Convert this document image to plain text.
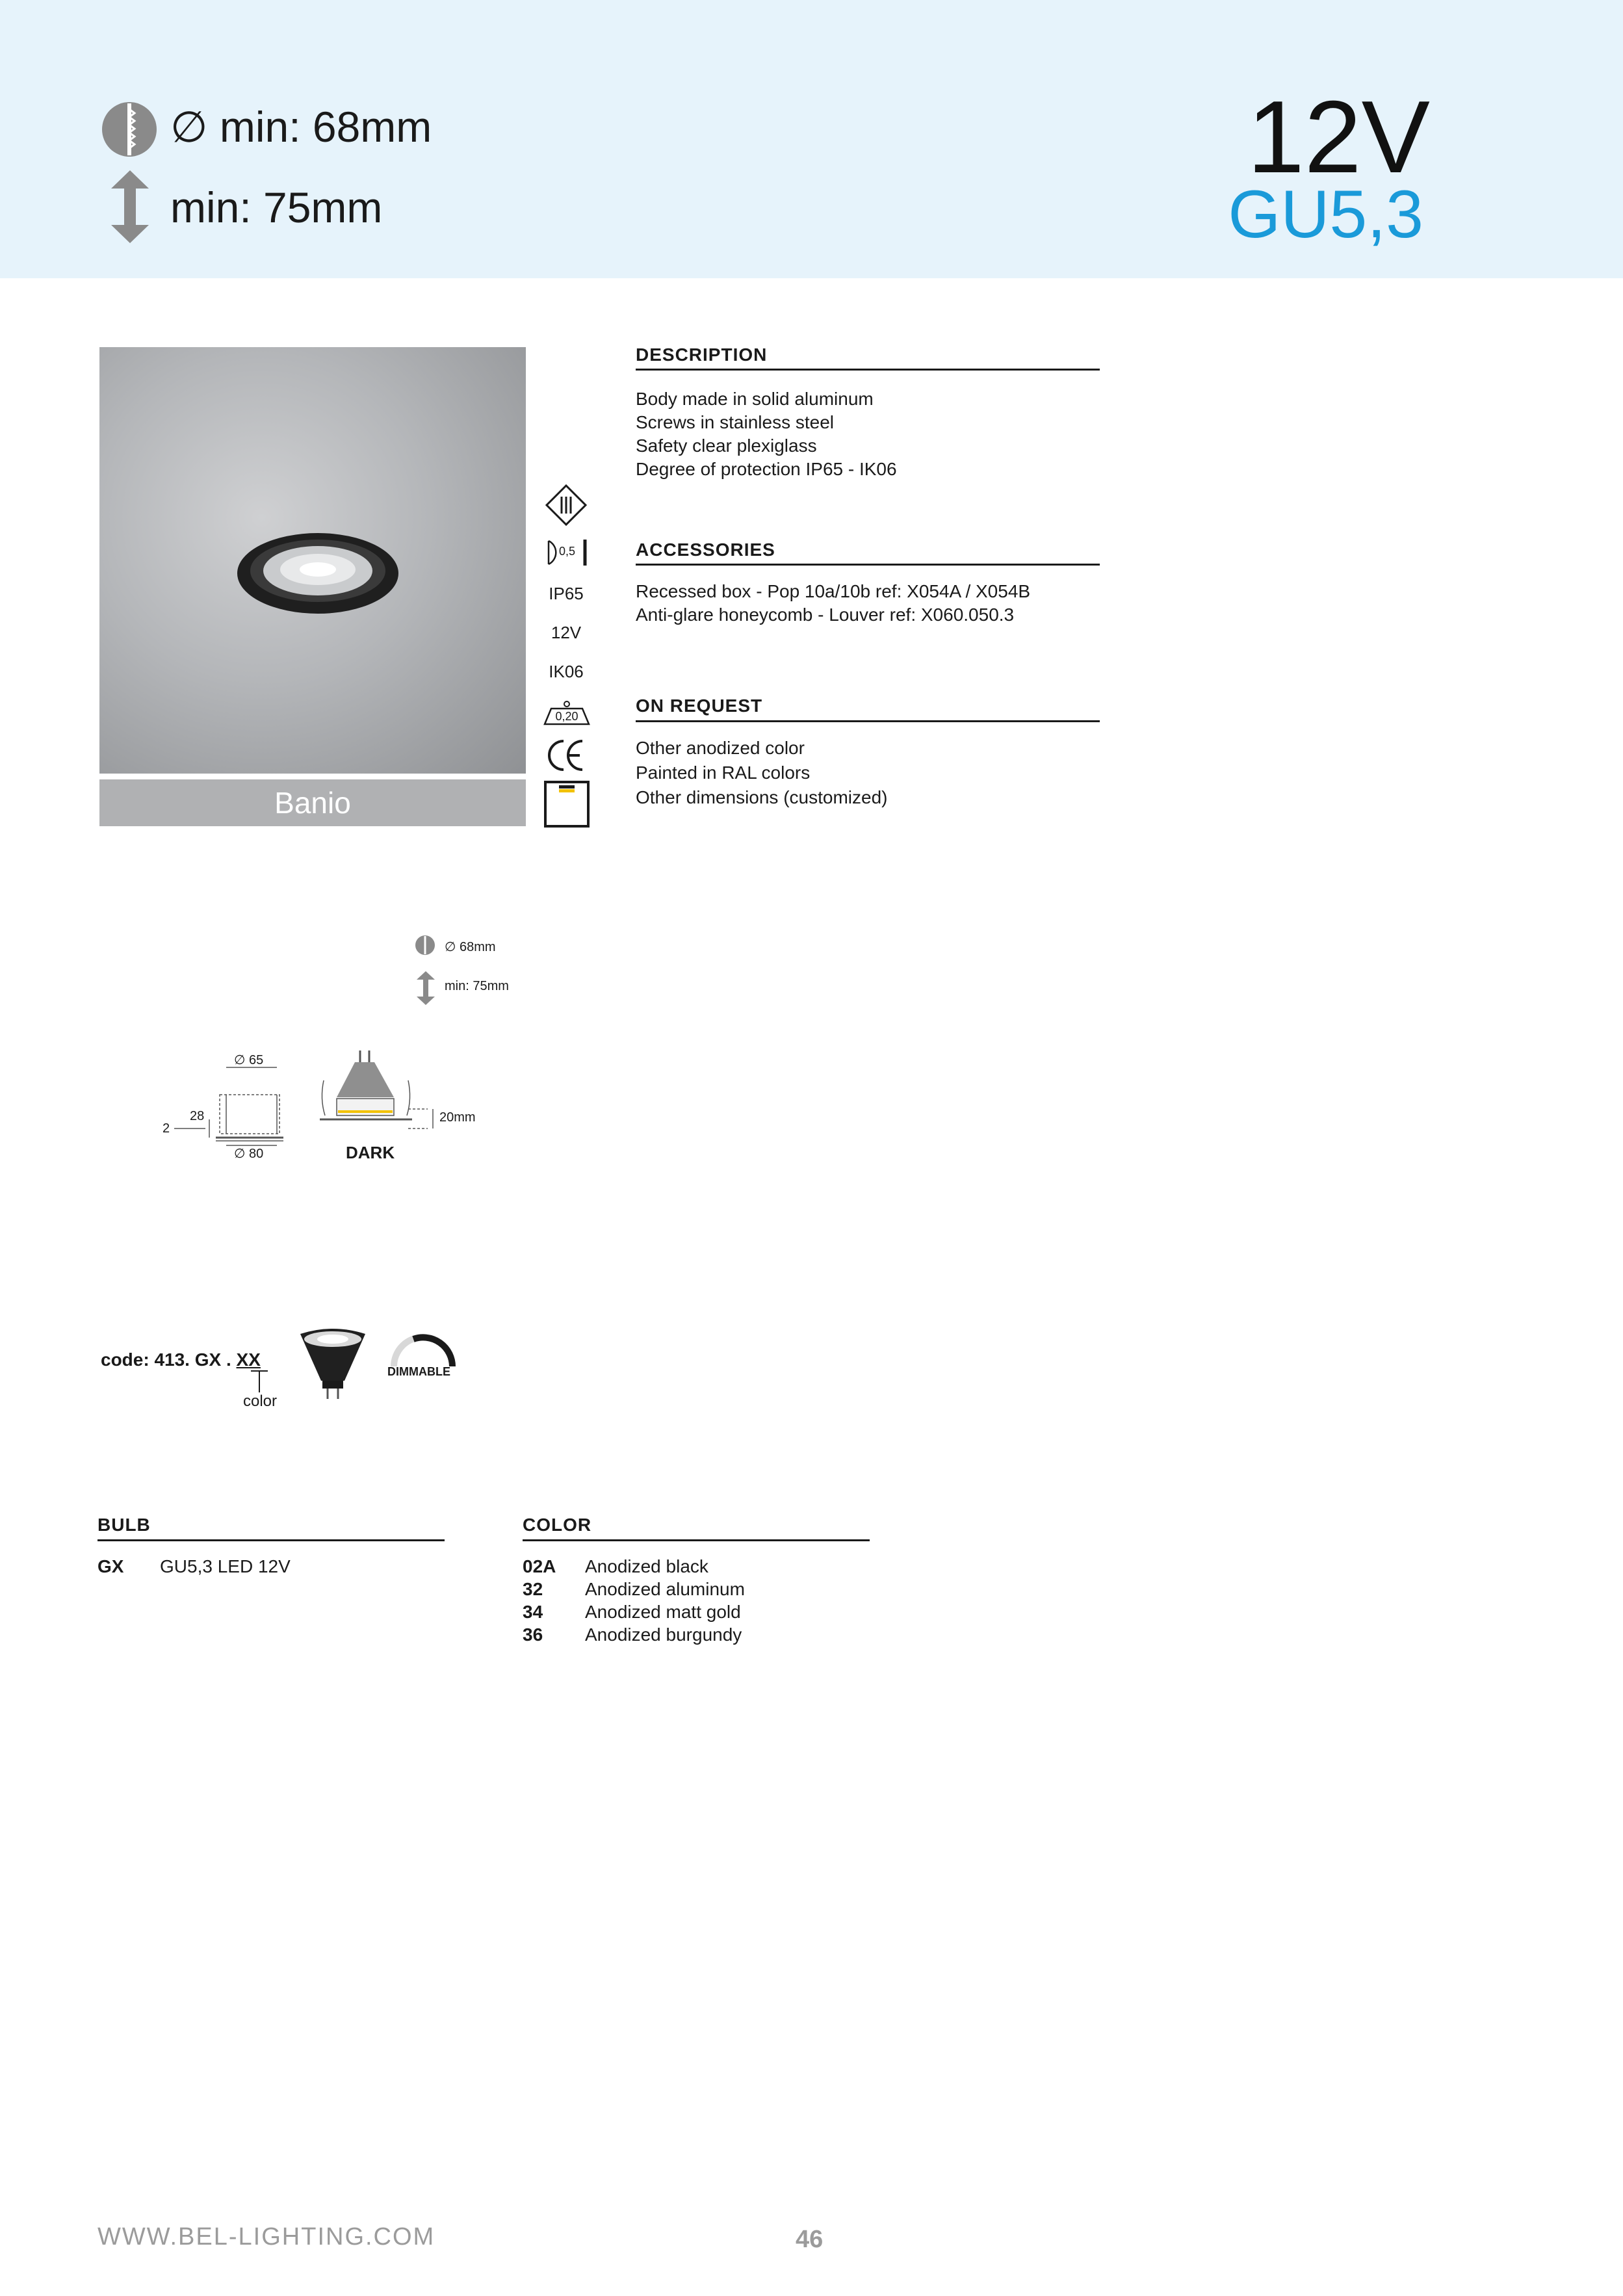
∅ min: 68mm
min: 75mm
12V
GU5,3
Banio
0,5
IP65
12V
IK06
0,20
DESCRIPTION
Body made in solid aluminum
Screws in stainless steel
Safety clear plexiglass
Degree of protection IP65 - IK06
ACCESSORIES
Recessed box - Pop 10a/10b ref: X054A / X054B
Anti-glare honeycomb - Louver ref: X060.050.3
ON REQUEST
Other anodized color
Painted in RAL colors
Other dimensions (customized)
∅ 68mm
min: 75mm
∅ 65
28
2
∅ 80
20mm
DARK
code: 413. GX . XX
color
DIMMABLE
BULB
GX GU5,3 LED 12V
COLOR
02A Anodized black
32 Anodized aluminum
34 Anodized matt gold
36 Anodized burgundy
WWW.BEL-LIGHTING.COM	46
